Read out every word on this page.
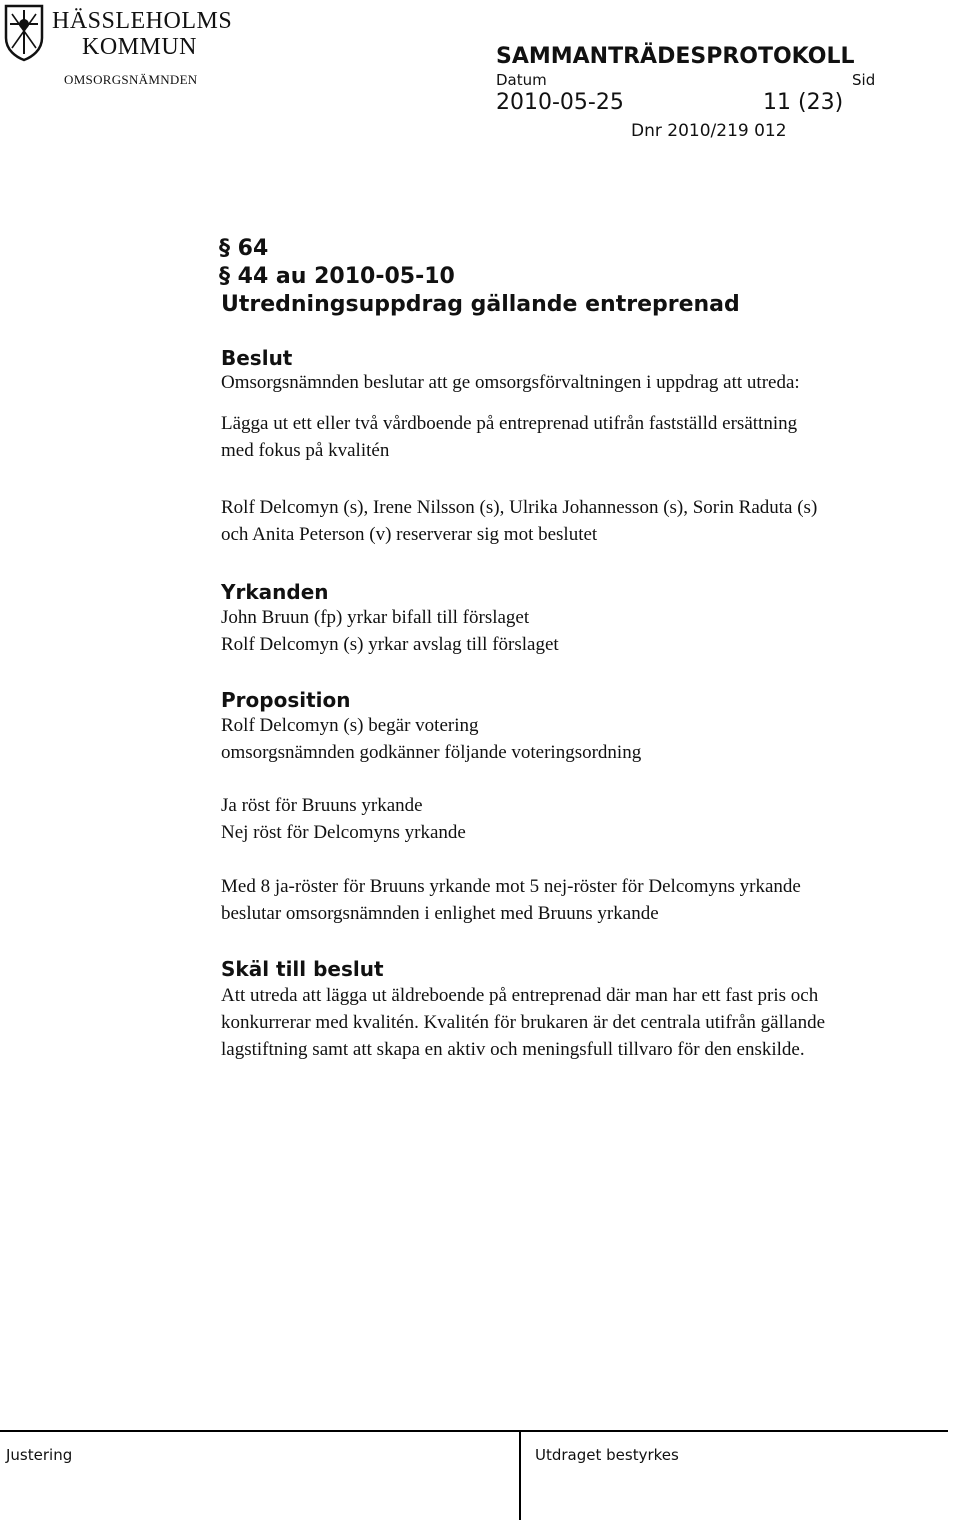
HÄSSLEHOLMS
KOMMUN
OMSORGSNÄMNDEN
SAMMANTRÄDESPROTOKOLL
Datum	Sid
2010-05-25	11 (23)
Dnr 2010/219 012
§ 64
§ 44 au 2010-05-10
Utredningsuppdrag gällande entreprenad
Beslut
Omsorgsnämnden beslutar att ge omsorgsförvaltningen i uppdrag att utreda:
Lägga ut ett eller två vårdboende på entreprenad utifrån fastställd ersättning
med fokus på kvalitén
Rolf Delcomyn (s), Irene Nilsson (s), Ulrika Johannesson (s), Sorin Raduta (s)
och Anita Peterson (v) reserverar sig mot beslutet
Yrkanden
John Bruun (fp) yrkar bifall till förslaget
Rolf Delcomyn (s) yrkar avslag till förslaget
Proposition
Rolf Delcomyn (s) begär votering
omsorgsnämnden godkänner följande voteringsordning
Ja röst för Bruuns yrkande
Nej röst för Delcomyns yrkande
Med 8 ja-röster för Bruuns yrkande mot 5 nej-röster för Delcomyns yrkande
beslutar omsorgsnämnden i enlighet med Bruuns yrkande
Skäl till beslut
Att utreda att lägga ut äldreboende på entreprenad där man har ett fast pris och
konkurrerar med kvalitén. Kvalitén för brukaren är det centrala utifrån gällande
lagstiftning samt att skapa en aktiv och meningsfull tillvaro för den enskilde.
Justering	Utdraget bestyrkes
